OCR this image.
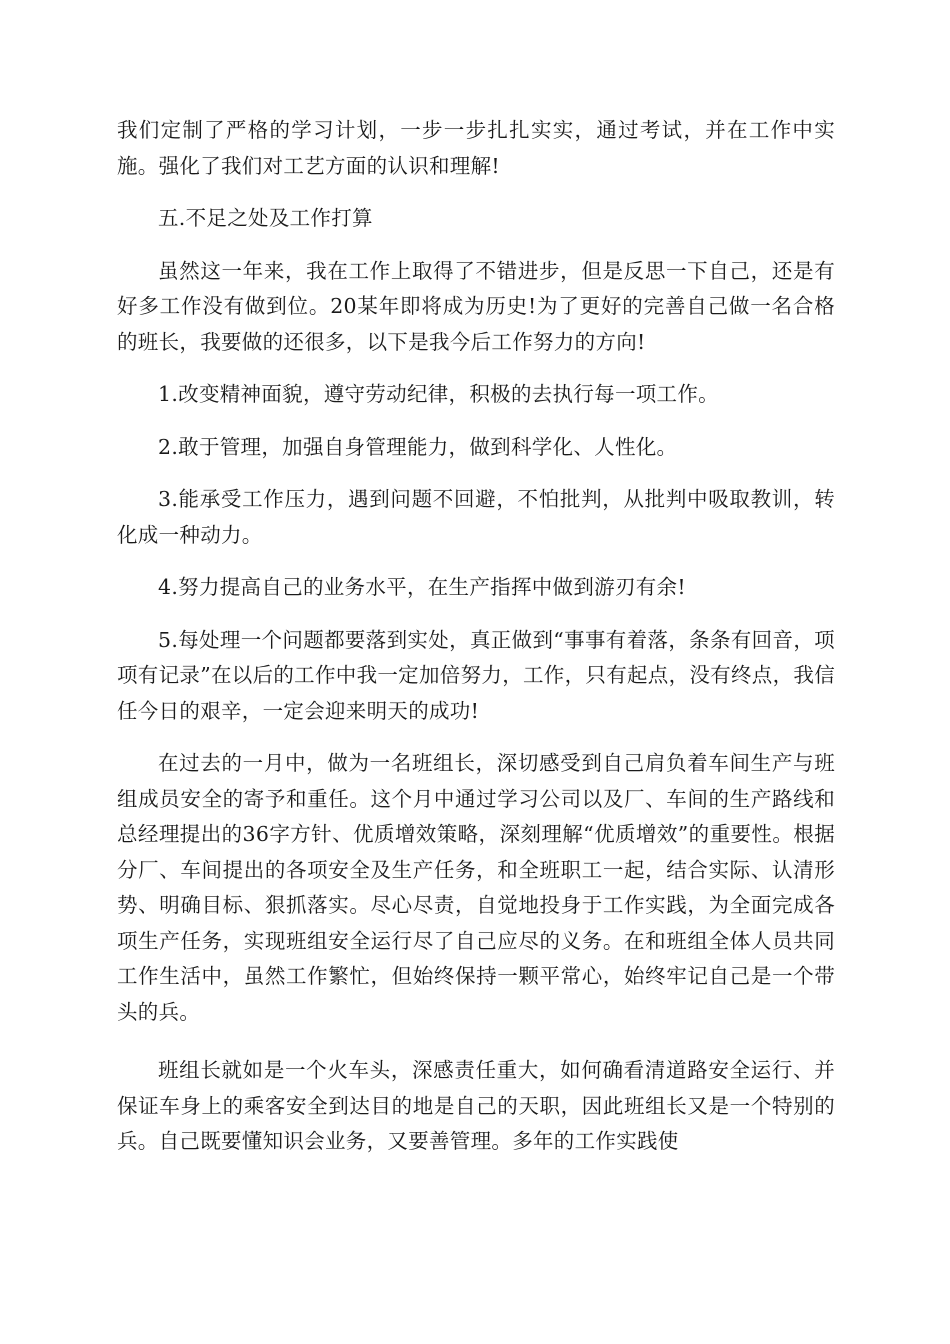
我们定制了严格的学习计划，一步一步扎扎实实，通过考试，并在工作中实施。强化了我们对工艺方面的认识和理解!

五.不足之处及工作打算

虽然这一年来，我在工作上取得了不错进步，但是反思一下自己，还是有好多工作没有做到位。20某年即将成为历史!为了更好的完善自己做一名合格的班长，我要做的还很多，以下是我今后工作努力的方向!

1.改变精神面貌，遵守劳动纪律，积极的去执行每一项工作。

2.敢于管理，加强自身管理能力，做到科学化、人性化。

3.能承受工作压力，遇到问题不回避，不怕批判，从批判中吸取教训，转化成一种动力。

4.努力提高自己的业务水平，在生产指挥中做到游刃有余!

5.每处理一个问题都要落到实处，真正做到“事事有着落，条条有回音，项项有记录”在以后的工作中我一定加倍努力，工作，只有起点，没有终点，我信任今日的艰辛，一定会迎来明天的成功!

在过去的一月中，做为一名班组长，深切感受到自己肩负着车间生产与班组成员安全的寄予和重任。这个月中通过学习公司以及厂、车间的生产路线和总经理提出的36字方针、优质增效策略，深刻理解“优质增效”的重要性。根据分厂、车间提出的各项安全及生产任务，和全班职工一起，结合实际、认清形势、明确目标、狠抓落实。尽心尽责，自觉地投身于工作实践，为全面完成各项生产任务，实现班组安全运行尽了自己应尽的义务。在和班组全体人员共同工作生活中，虽然工作繁忙，但始终保持一颗平常心，始终牢记自己是一个带头的兵。

班组长就如是一个火车头，深感责任重大，如何确看清道路安全运行、并保证车身上的乘客安全到达目的地是自己的天职，因此班组长又是一个特别的兵。自己既要懂知识会业务，又要善管理。多年的工作实践使
